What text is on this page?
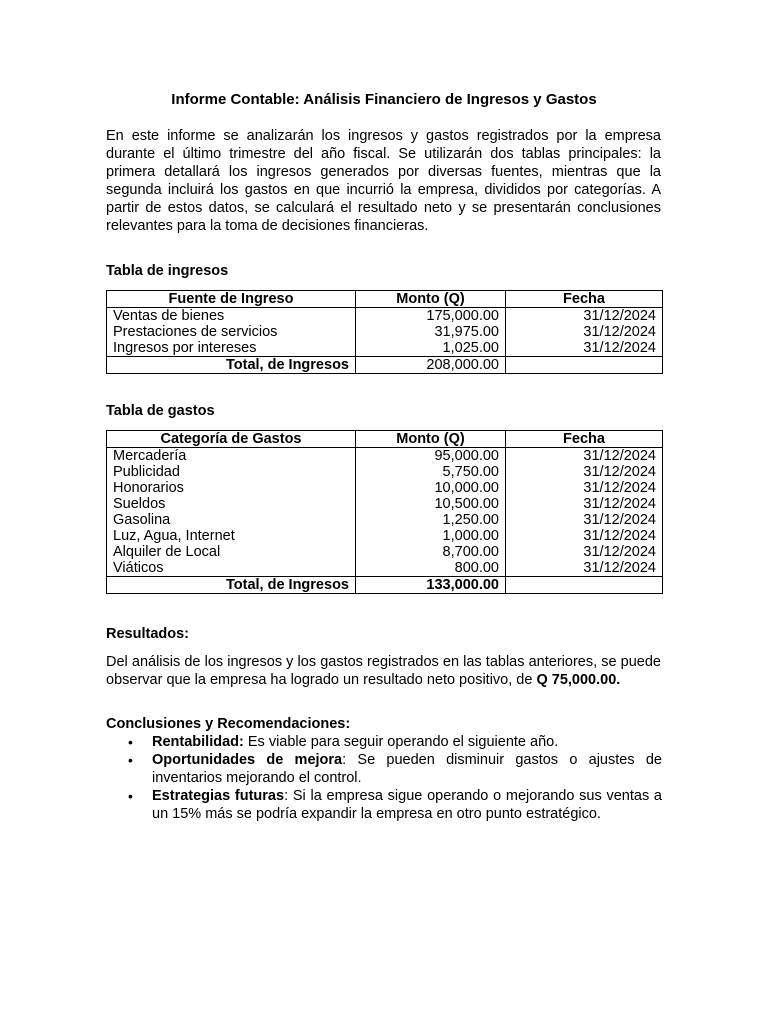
Informe Contable: Análisis Financiero de Ingresos y Gastos

En este informe se analizarán los ingresos y gastos registrados por la empresa durante el último trimestre del año fiscal. Se utilizarán dos tablas principales: la primera detallará los ingresos generados por diversas fuentes, mientras que la segunda incluirá los gastos en que incurrió la empresa, divididos por categorías. A partir de estos datos, se calculará el resultado neto y se presentarán conclusiones relevantes para la toma de decisiones financieras.

Tabla de ingresos

Fuente de Ingreso	Monto (Q)	Fecha
Ventas de bienes	175,000.00	31/12/2024
Prestaciones de servicios	31,975.00	31/12/2024
Ingresos por intereses	1,025.00	31/12/2024
Total, de Ingresos	208,000.00	

Tabla de gastos

Categoría de Gastos	Monto (Q)	Fecha
Mercadería	95,000.00	31/12/2024
Publicidad	5,750.00	31/12/2024
Honorarios	10,000.00	31/12/2024
Sueldos	10,500.00	31/12/2024
Gasolina	1,250.00	31/12/2024
Luz, Agua, Internet	1,000.00	31/12/2024
Alquiler de Local	8,700.00	31/12/2024
Viáticos	800.00	31/12/2024
Total, de Ingresos	133,000.00	

Resultados:

Del análisis de los ingresos y los gastos registrados en las tablas anteriores, se puede observar que la empresa ha logrado un resultado neto positivo, de Q 75,000.00.

Conclusiones y Recomendaciones:

• Rentabilidad: Es viable para seguir operando el siguiente año.
• Oportunidades de mejora: Se pueden disminuir gastos o ajustes de inventarios mejorando el control.
• Estrategias futuras: Si la empresa sigue operando o mejorando sus ventas a un 15% más se podría expandir la empresa en otro punto estratégico.
